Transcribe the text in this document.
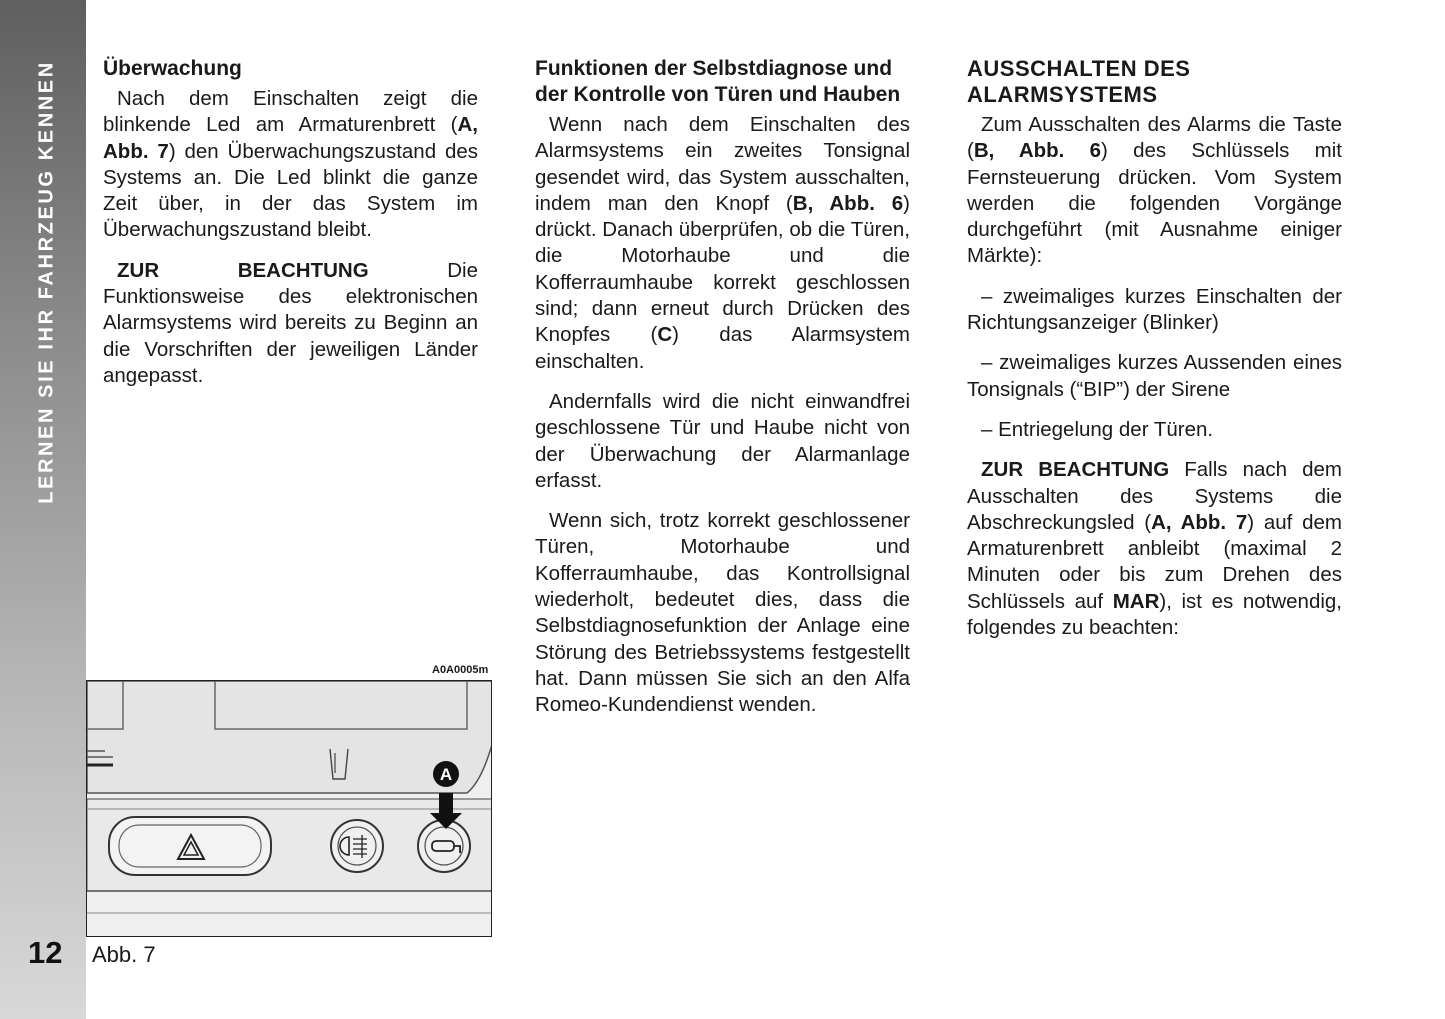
LERNEN SIE IHR FAHRZEUG KENNEN
12
Überwachung

Nach dem Einschalten zeigt die blinkende Led am Armaturenbrett (A, Abb. 7) den Überwachungszustand des Systems an. Die Led blinkt die ganze Zeit über, in der das System im Überwachungszustand bleibt.

ZUR BEACHTUNG Die Funktionsweise des elektronischen Alarmsystems wird bereits zu Beginn an die Vorschriften der jeweiligen Länder angepasst.

Funktionen der Selbstdiagnose und der Kontrolle von Türen und Hauben

Wenn nach dem Einschalten des Alarmsystems ein zweites Tonsignal gesendet wird, das System ausschalten, indem man den Knopf (B, Abb. 6) drückt. Danach überprüfen, ob die Türen, die Motorhaube und die Kofferraumhaube korrekt geschlossen sind; dann erneut durch Drücken des Knopfes (C) das Alarmsystem einschalten.

Andernfalls wird die nicht einwandfrei geschlossene Tür und Haube nicht von der Überwachung der Alarmanlage erfasst.

Wenn sich, trotz korrekt geschlossener Türen, Motorhaube und Kofferraumhaube, das Kontrollsignal wiederholt, bedeutet dies, dass die Selbstdiagnosefunktion der Anlage eine Störung des Betriebssystems festgestellt hat. Dann müssen Sie sich an den Alfa Romeo-Kundendienst wenden.

AUSSCHALTEN DES ALARMSYSTEMS

Zum Ausschalten des Alarms die Taste (B, Abb. 6) des Schlüssels mit Fernsteuerung drücken. Vom System werden die folgenden Vorgänge durchgeführt (mit Ausnahme einiger Märkte):

– zweimaliges kurzes Einschalten der Richtungsanzeiger (Blinker)

– zweimaliges kurzes Aussenden eines Tonsignals (“BIP”) der Sirene

– Entriegelung der Türen.

ZUR BEACHTUNG Falls nach dem Ausschalten des Systems die Abschreckungsled (A, Abb. 7) auf dem Armaturenbrett anbleibt (maximal 2 Minuten oder bis zum Drehen des Schlüssels auf MAR), ist es notwendig, folgendes zu beachten:

A0A0005m
A
Abb. 7
